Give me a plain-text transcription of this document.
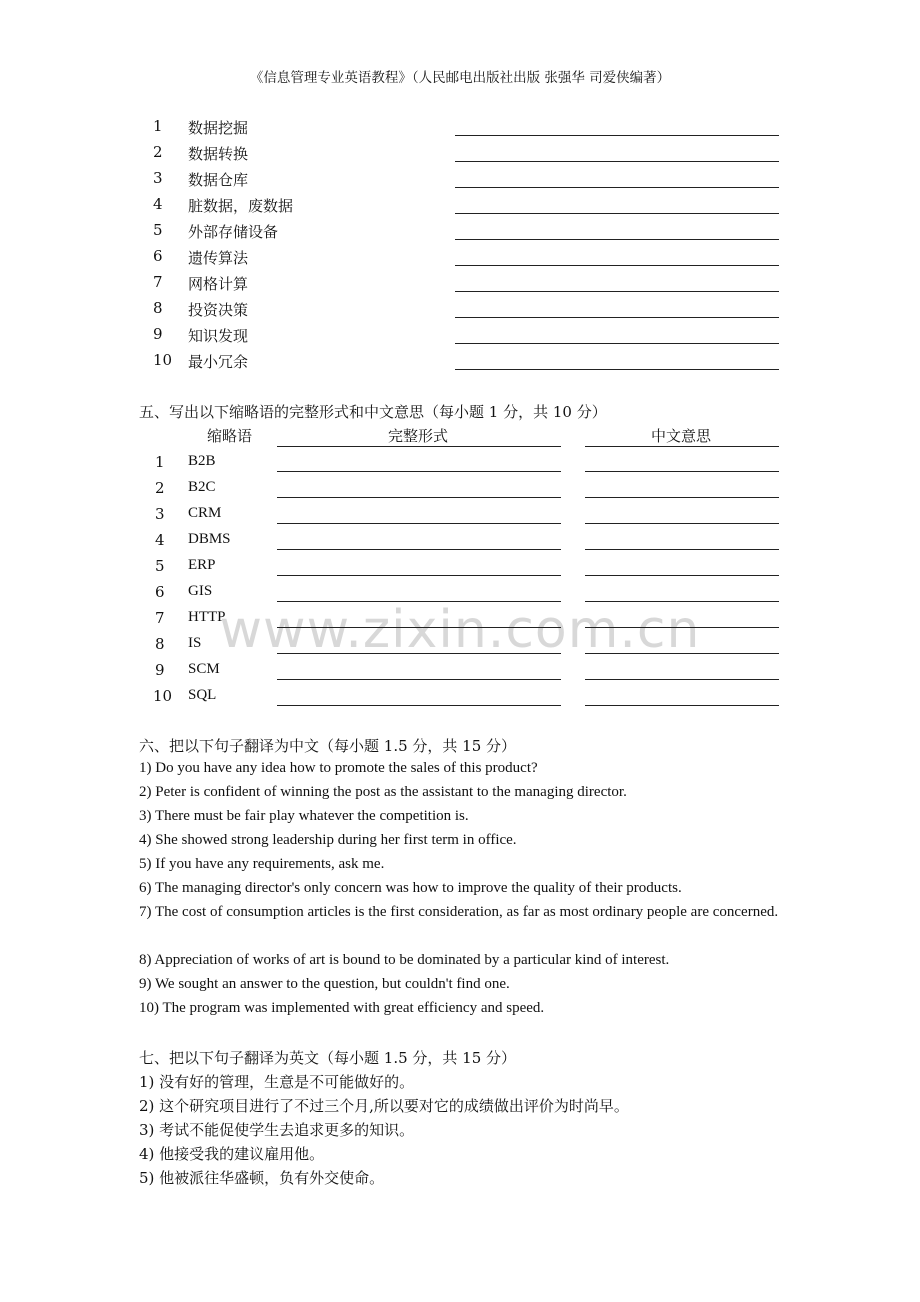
《信息管理专业英语教程》（人民邮电出版社出版 张强华 司爱侠编著）
www.zixin.com.cn
1	数据挖掘
2	数据转换
3	数据仓库
4	脏数据，废数据
5	外部存储设备
6	遗传算法
7	网格计算
8	投资决策
9	知识发现
10 最小冗余
五、写出以下缩略语的完整形式和中文意思（每小题 1 分，共 10 分）
缩略语	完整形式	中文意思
1 B2B
2 B2C
3 CRM
4 DBMS
5 ERP
6 GIS
7 HTTP
8 IS
9 SCM
10 SQL
六、把以下句子翻译为中文（每小题 1.5 分，共 15 分）
1) Do you have any idea how to promote the sales of this product?
2) Peter is confident of winning the post as the assistant to the managing director.
3) There must be fair play whatever the competition is.
4) She showed strong leadership during her first term in office.
5) If you have any requirements, ask me.
6) The managing director's only concern was how to improve the quality of their products.
7) The cost of consumption articles is the first consideration, as far as most ordinary people are concerned.
8) Appreciation of works of art is bound to be dominated by a particular kind of interest.
9) We sought an answer to the question, but couldn't find one.
10) The program was implemented with great efficiency and speed.
七、把以下句子翻译为英文（每小题 1.5 分，共 15 分）
1) 没有好的管理，生意是不可能做好的。
2) 这个研究项目进行了不过三个月,所以要对它的成绩做出评价为时尚早。
3) 考试不能促使学生去追求更多的知识。
4) 他接受我的建议雇用他。
5) 他被派往华盛顿，负有外交使命。
